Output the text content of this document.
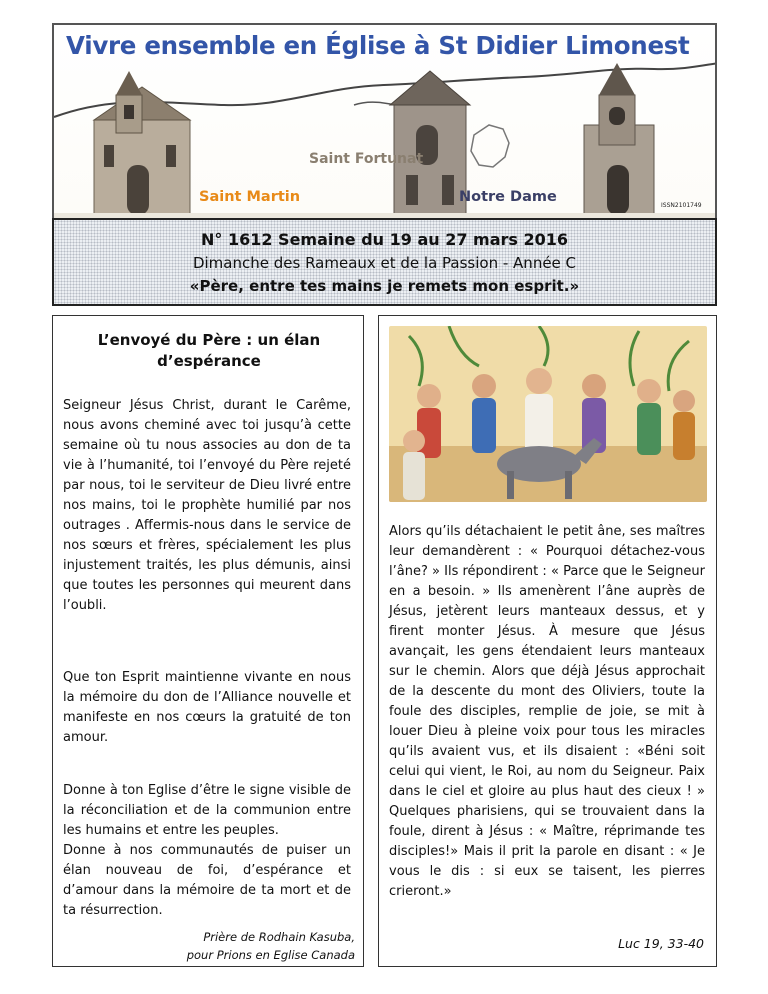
Vivre ensemble en Église à St Didier Limonest
Saint Fortunat
Saint Martin	Notre Dame
ISSN2101749
N° 1612 Semaine du 19 au 27 mars 2016
Dimanche des Rameaux et de la Passion - Année C
«Père, entre tes mains je remets mon esprit.»
L’envoyé du Père : un élan d’espérance

Seigneur Jésus Christ, durant le Carême, nous avons cheminé avec toi jusqu’à cette semaine où tu nous associes au don de ta vie à l’humanité, toi l’envoyé du Père rejeté par nous, toi le serviteur de Dieu livré entre nos mains, toi le prophète humilié par nos outrages . Affermis-nous dans le service de nos sœurs et frères, spécialement les plus injustement traités, les plus démunis, ainsi que toutes les personnes qui meurent dans l’oubli.

Que ton Esprit maintienne vivante en nous la mémoire du don de l’Alliance nouvelle et manifeste en nos cœurs la gratuité de ton amour.

Donne à ton Eglise d’être le signe visible de la réconciliation et de la communion entre les humains et entre les peuples.

Donne à nos communautés de puiser un élan nouveau de foi, d’espérance et d’amour dans la mémoire de ta mort et de ta résurrection.

Prière de Rodhain Kasuba,
pour Prions en Eglise Canada

Alors qu’ils détachaient le petit âne, ses maîtres leur demandèrent : « Pourquoi détachez-vous l’âne? » Ils répondirent : « Parce que le Seigneur en a besoin. » Ils amenèrent l’âne auprès de Jésus, jetèrent leurs manteaux dessus, et y firent monter Jésus. À mesure que Jésus avançait, les gens étendaient leurs manteaux sur le chemin. Alors que déjà Jésus approchait de la descente du mont des Oliviers, toute la foule des disciples, remplie de joie, se mit à louer Dieu à pleine voix pour tous les miracles qu’ils avaient vus, et ils disaient : «Béni soit celui qui vient, le Roi, au nom du Seigneur. Paix dans le ciel et gloire au plus haut des cieux ! » Quelques pharisiens, qui se trouvaient dans la foule, dirent à Jésus : « Maître, réprimande tes disciples!» Mais il prit la parole en disant : « Je vous le dis : si eux se taisent, les pierres crieront.»

Luc 19, 33-40
